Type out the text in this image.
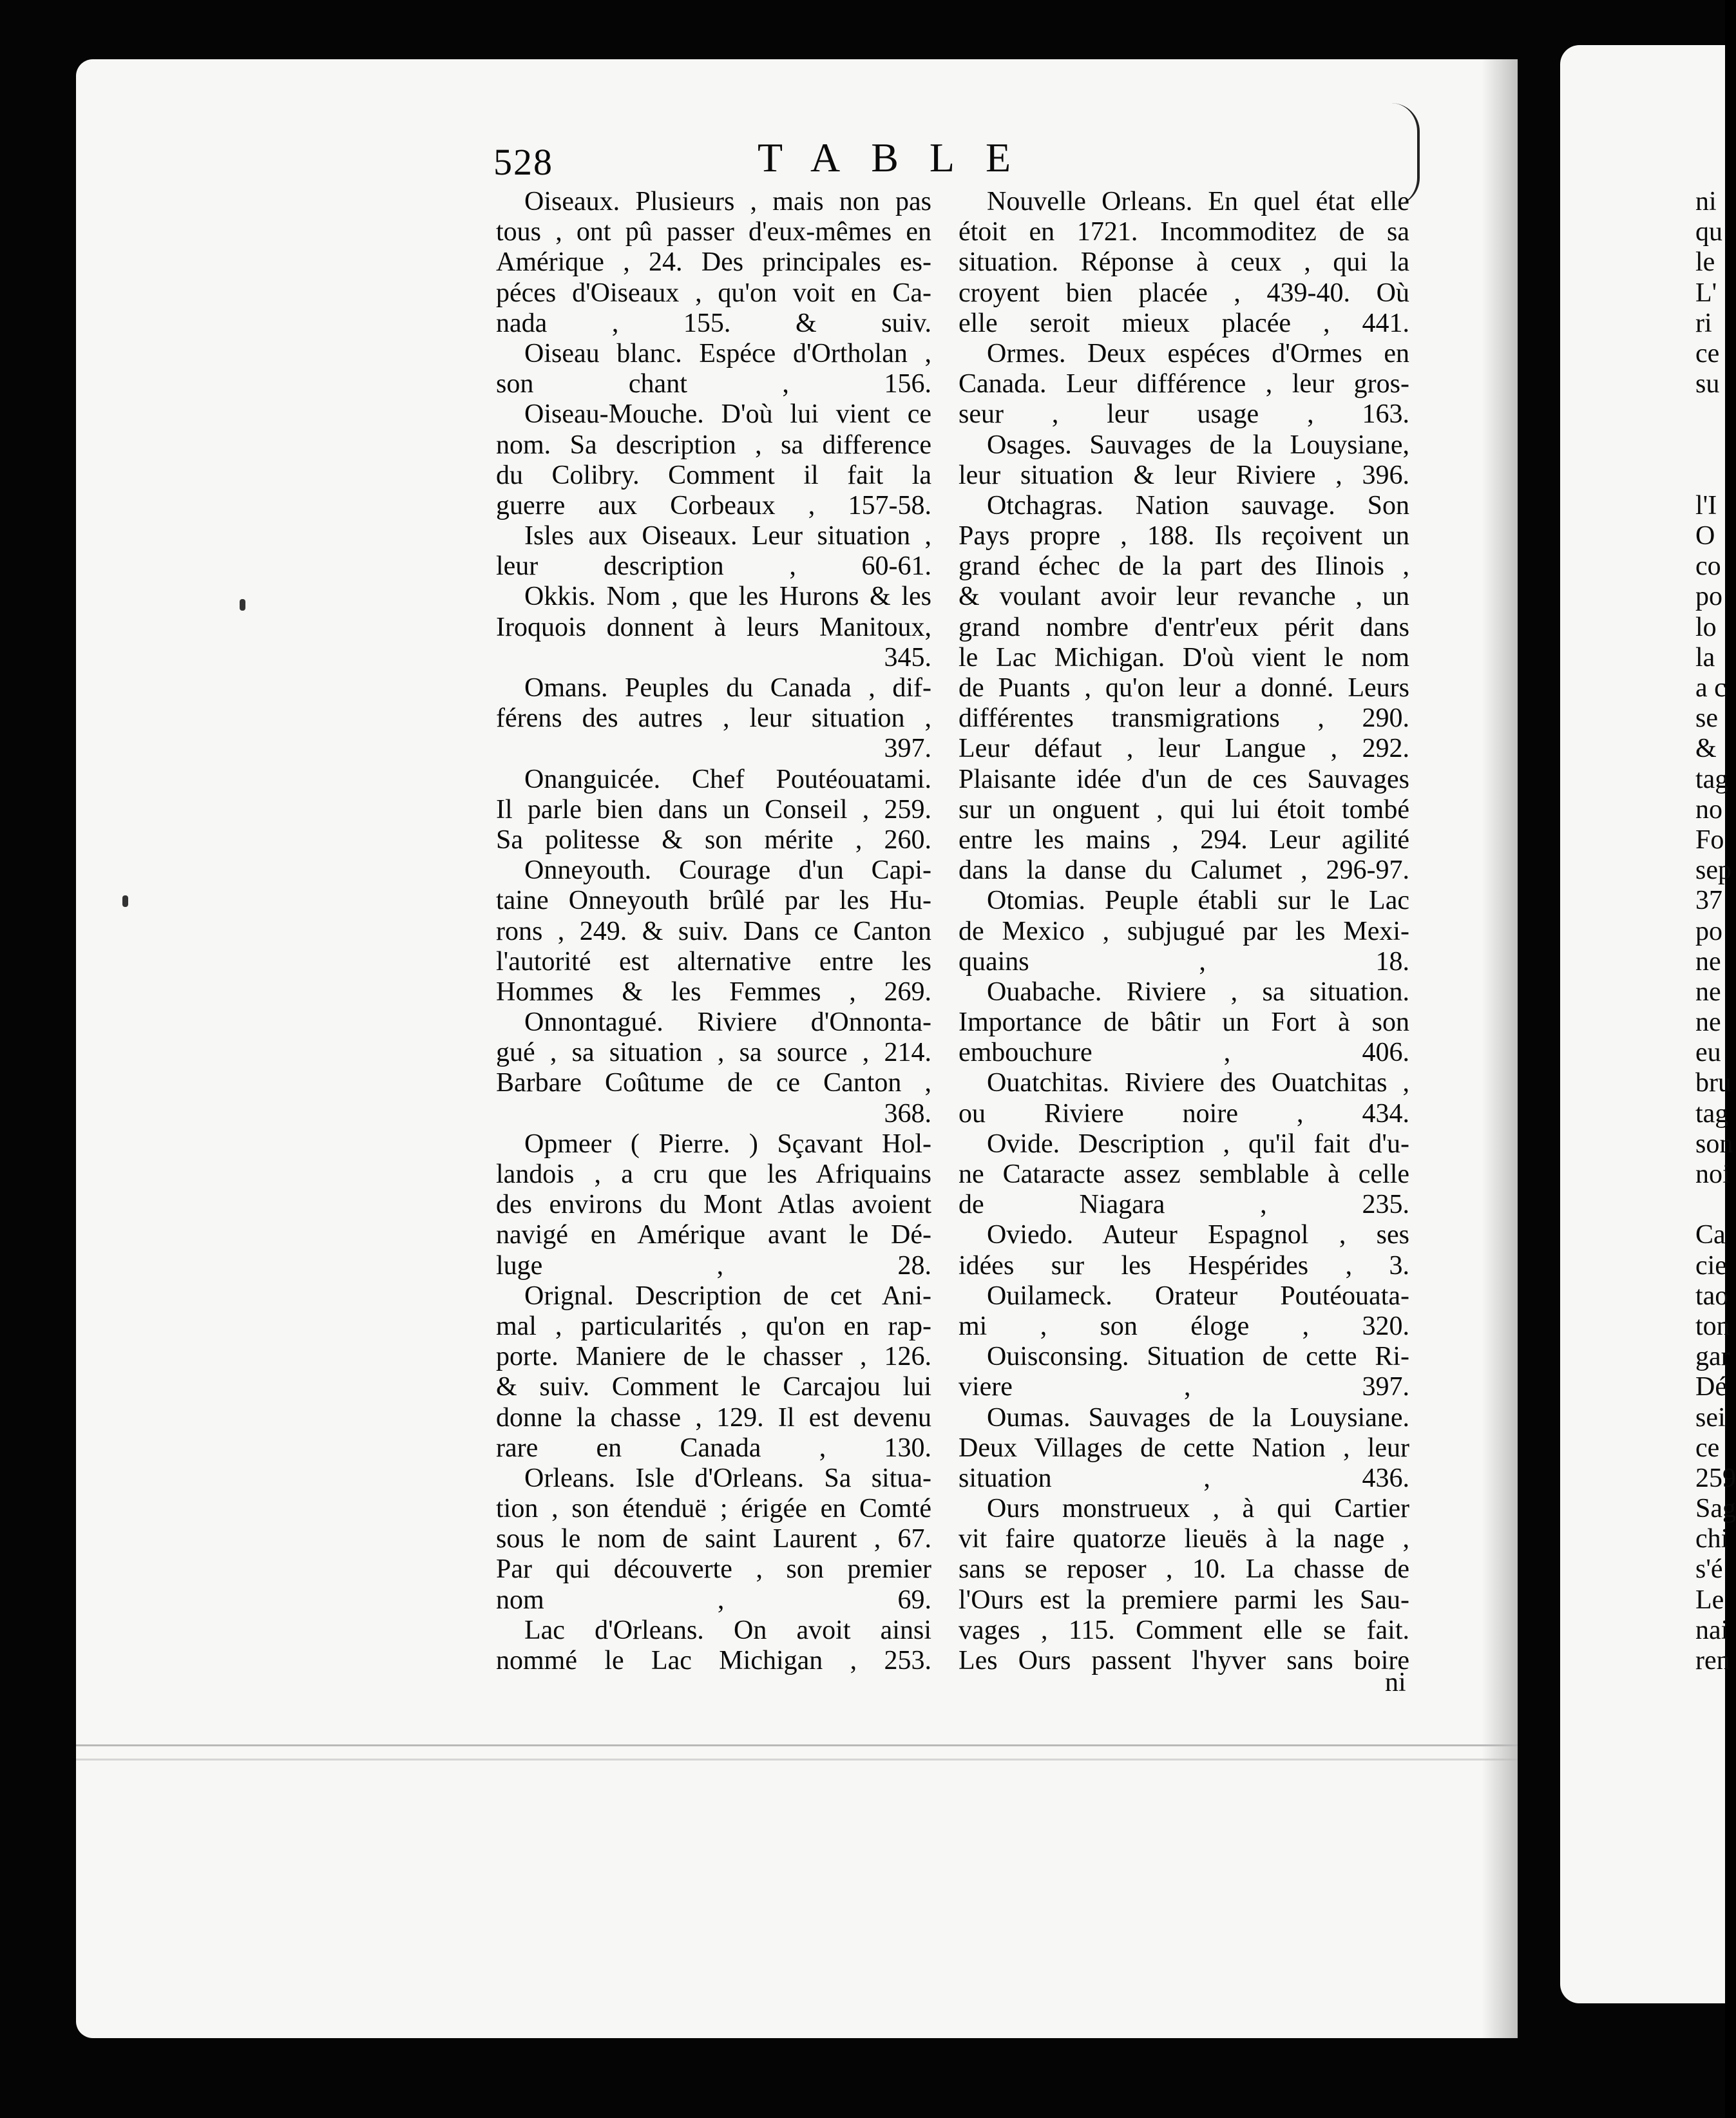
528	TABLE
Oiseaux. Plusieurs , mais non pas
tous , ont pû passer d'eux-mêmes en
Amérique , 24. Des principales es-
péces d'Oiseaux , qu'on voit en Ca-
nada , 155. & suiv.
Oiseau blanc. Espéce d'Ortholan ,
son chant , 156.
Oiseau-Mouche. D'où lui vient ce
nom. Sa description , sa difference
du Colibry. Comment il fait la
guerre aux Corbeaux , 157-58.
Isles aux Oiseaux. Leur situation ,
leur description , 60-61.
Okkis. Nom , que les Hurons & les
Iroquois donnent à leurs Manitoux,
345.
Omans. Peuples du Canada , dif-
férens des autres , leur situation ,
397.
Onanguicée. Chef Poutéouatami.
Il parle bien dans un Conseil , 259.
Sa politesse & son mérite , 260.
Onneyouth. Courage d'un Capi-
taine Onneyouth brûlé par les Hu-
rons , 249. & suiv. Dans ce Canton
l'autorité est alternative entre les
Hommes & les Femmes , 269.
Onnontagué. Riviere d'Onnonta-
gué , sa situation , sa source , 214.
Barbare Coûtume de ce Canton ,
368.
Opmeer ( Pierre. ) Sçavant Hol-
landois , a cru que les Afriquains
des environs du Mont Atlas avoient
navigé en Amérique avant le Dé-
luge , 28.
Orignal. Description de cet Ani-
mal , particularités , qu'on en rap-
porte. Maniere de le chasser , 126.
& suiv. Comment le Carcajou lui
donne la chasse , 129. Il est devenu
rare en Canada , 130.
Orleans. Isle d'Orleans. Sa situa-
tion , son étenduë ; érigée en Comté
sous le nom de saint Laurent , 67.
Par qui découverte , son premier
nom , 69.
Lac d'Orleans. On avoit ainsi
nommé le Lac Michigan , 253.
Nouvelle Orleans. En quel état elle
étoit en 1721. Incommoditez de sa
situation. Réponse à ceux , qui la
croyent bien placée , 439-40. Où
elle seroit mieux placée , 441.
Ormes. Deux espéces d'Ormes en
Canada. Leur différence , leur gros-
seur , leur usage , 163.
Osages. Sauvages de la Louysiane,
leur situation & leur Riviere , 396.
Otchagras. Nation sauvage. Son
Pays propre , 188. Ils reçoivent un
grand échec de la part des Ilinois ,
& voulant avoir leur revanche , un
grand nombre d'entr'eux périt dans
le Lac Michigan. D'où vient le nom
de Puants , qu'on leur a donné. Leurs
différentes transmigrations , 290.
Leur défaut , leur Langue , 292.
Plaisante idée d'un de ces Sauvages
sur un onguent , qui lui étoit tombé
entre les mains , 294. Leur agilité
dans la danse du Calumet , 296-97.
Otomias. Peuple établi sur le Lac
de Mexico , subjugué par les Mexi-
quains , 18.
Ouabache. Riviere , sa situation.
Importance de bâtir un Fort à son
embouchure , 406.
Ouatchitas. Riviere des Ouatchitas ,
ou Riviere noire , 434.
Ovide. Description , qu'il fait d'u-
ne Cataracte assez semblable à celle
de Niagara , 235.
Oviedo. Auteur Espagnol , ses
idées sur les Hespérides , 3.
Ouilameck. Orateur Poutéouata-
mi , son éloge , 320.
Ouisconsing. Situation de cette Ri-
viere , 397.
Oumas. Sauvages de la Louysiane.
Deux Villages de cette Nation , leur
situation , 436.
Ours monstrueux , à qui Cartier
vit faire quatorze lieuës à la nage ,
sans se reposer , 10. La chasse de
l'Ours est la premiere parmi les Sau-
vages , 115. Comment elle se fait.
Les Ours passent l'hyver sans boire
ni
ni
qu
le
L'
ri
ce
su
l'I
O
co
po
lo
la
a c
se
&
tag
no
Fo
sep
37
po
ne
ne
ne
eu
bru
tag
son
noi
Ca
cie
tao
ton
gar
Dé
sei
ce
259
Sag
chi
s'é
Le
nai
ren
